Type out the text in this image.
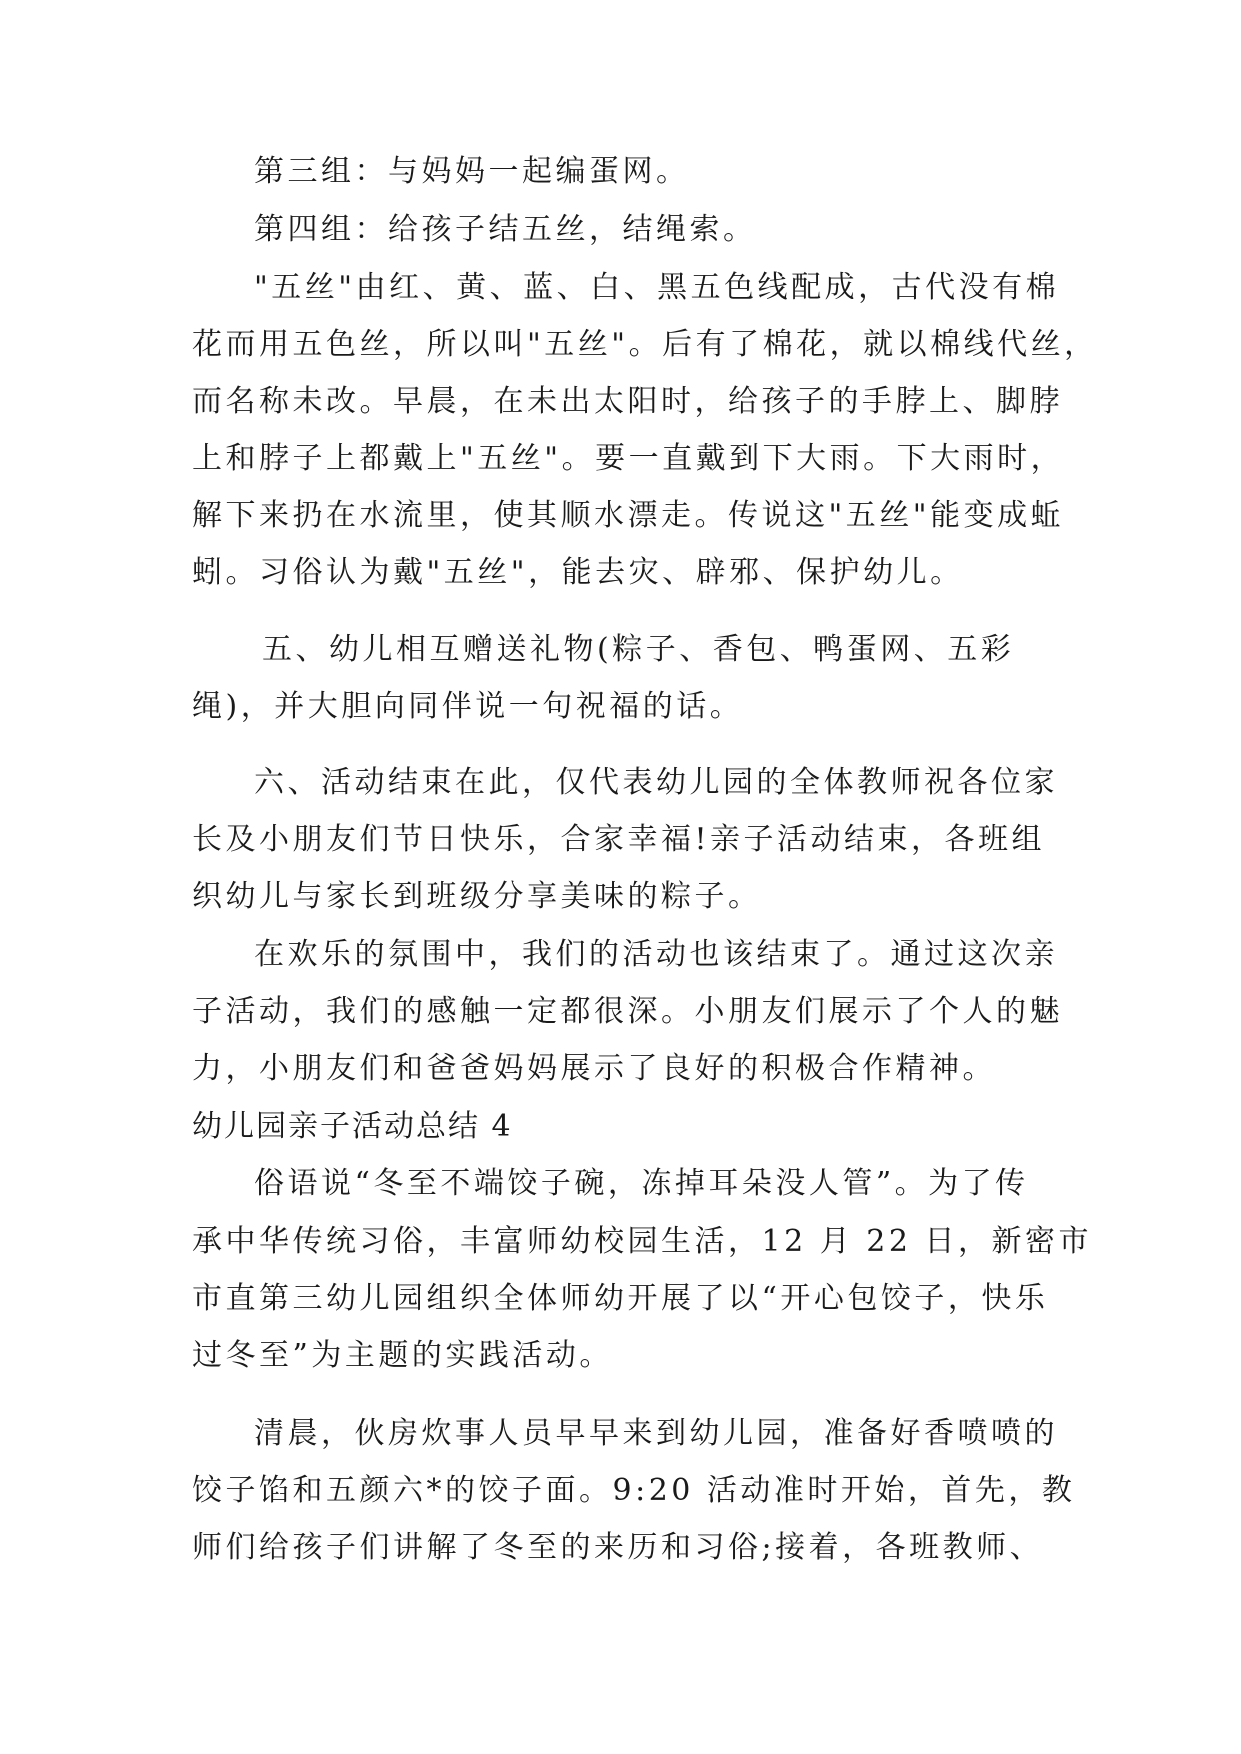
第三组：与妈妈一起编蛋网。
第四组：给孩子结五丝，结绳索。
"五丝"由红、黄、蓝、白、黑五色线配成，古代没有棉
花而用五色丝，所以叫"五丝"。后有了棉花，就以棉线代丝，
而名称未改。早晨，在未出太阳时，给孩子的手脖上、脚脖
上和脖子上都戴上"五丝"。要一直戴到下大雨。下大雨时，
解下来扔在水流里，使其顺水漂走。传说这"五丝"能变成蚯
蚓。习俗认为戴"五丝"，能去灾、辟邪、保护幼儿。
五、幼儿相互赠送礼物(粽子、香包、鸭蛋网、五彩
绳)，并大胆向同伴说一句祝福的话。
六、活动结束在此，仅代表幼儿园的全体教师祝各位家
长及小朋友们节日快乐，合家幸福!亲子活动结束，各班组
织幼儿与家长到班级分享美味的粽子。
在欢乐的氛围中，我们的活动也该结束了。通过这次亲
子活动，我们的感触一定都很深。小朋友们展示了个人的魅
力，小朋友们和爸爸妈妈展示了良好的积极合作精神。
幼儿园亲子活动总结 4
俗语说“冬至不端饺子碗，冻掉耳朵没人管”。为了传
承中华传统习俗，丰富师幼校园生活，12 月 22 日，新密市
市直第三幼儿园组织全体师幼开展了以“开心包饺子，快乐
过冬至”为主题的实践活动。
清晨，伙房炊事人员早早来到幼儿园，准备好香喷喷的
饺子馅和五颜六*的饺子面。9:20 活动准时开始，首先，教
师们给孩子们讲解了冬至的来历和习俗;接着，各班教师、
